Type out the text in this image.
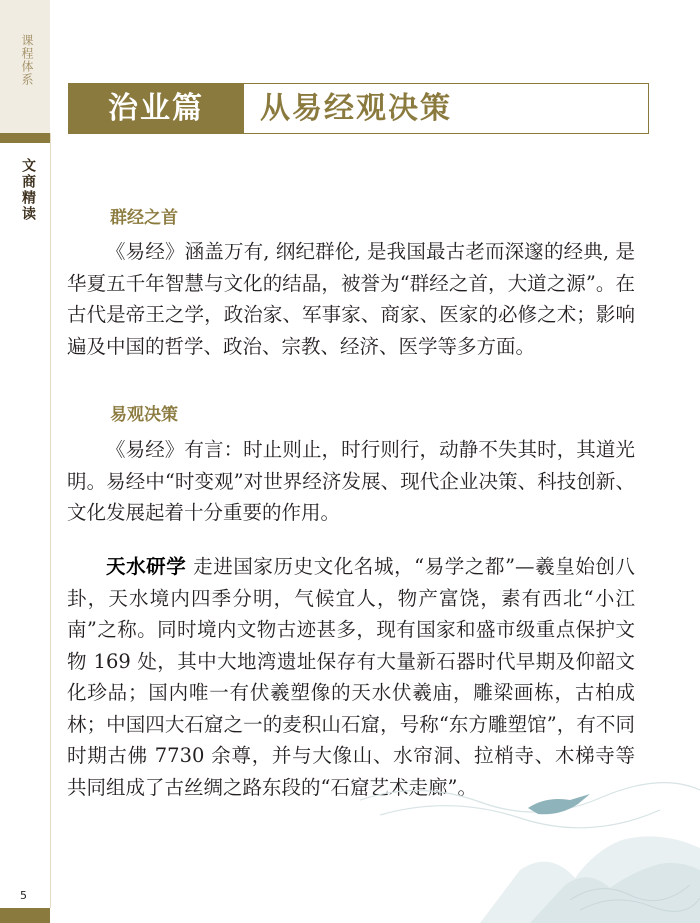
课程体系
文商精读
治业篇	从易经观决策
群经之首

《易经》涵盖万有, 纲纪群伦, 是我国最古老而深邃的经典, 是华夏五千年智慧与文化的结晶，被誉为“群经之首，大道之源”。在古代是帝王之学，政治家、军事家、商家、医家的必修之术；影响遍及中国的哲学、政治、宗教、经济、医学等多方面。

易观决策

《易经》有言：时止则止，时行则行，动静不失其时，其道光明。易经中“时变观”对世界经济发展、现代企业决策、科技创新、文化发展起着十分重要的作用。

天水研学 走进国家历史文化名城，“易学之都”—羲皇始创八卦，天水境内四季分明，气候宜人，物产富饶，素有西北“小江南”之称。同时境内文物古迹甚多，现有国家和盛市级重点保护文物 169 处，其中大地湾遗址保存有大量新石器时代早期及仰韶文化珍品；国内唯一有伏羲塑像的天水伏羲庙，雕梁画栋，古柏成林；中国四大石窟之一的麦积山石窟，号称“东方雕塑馆”，有不同时期古佛 7730 余尊，并与大像山、水帘洞、拉梢寺、木梯寺等共同组成了古丝绸之路东段的“石窟艺术走廊”。

5
